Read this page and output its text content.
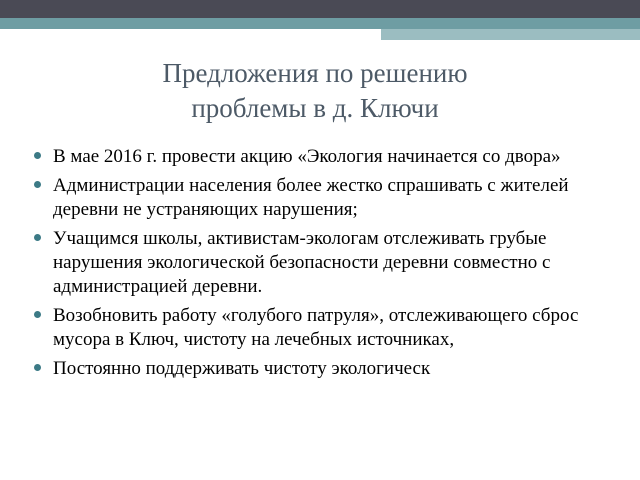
Предложения по решению
проблемы в д. Ключи
В мае 2016 г. провести акцию «Экология начинается со двора»
Администрации населения более жестко спрашивать с жителей деревни не устраняющих нарушения;
Учащимся школы, активистам-экологам отслеживать грубые нарушения экологической безопасности деревни совместно с администрацией деревни.
Возобновить работу «голубого патруля», отслеживающего сброс мусора в Ключ, чистоту на лечебных источниках,
Постоянно поддерживать чистоту экологическ
